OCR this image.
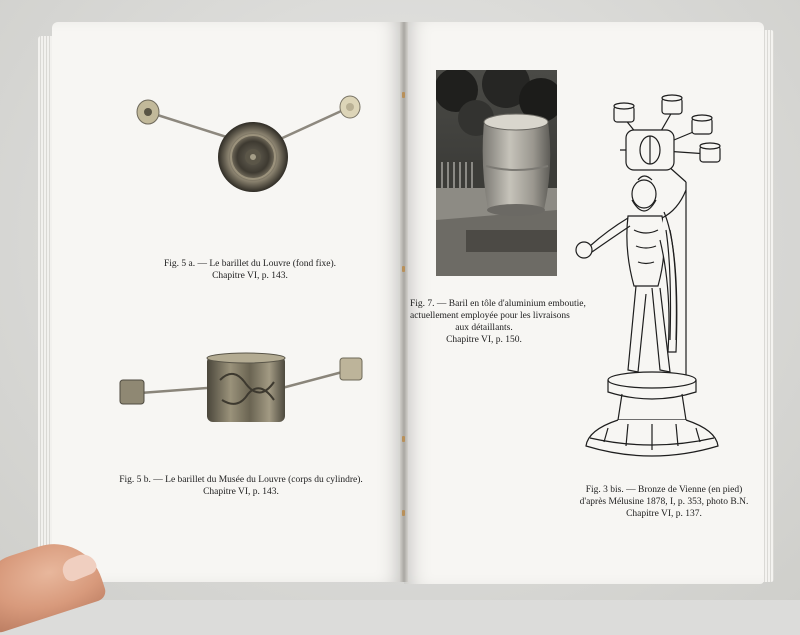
Fig. 5 a. — Le barillet du Louvre (fond fixe).
Chapitre VI, p. 143.
Fig. 5 b. — Le barillet du Musée du Louvre (corps du cylindre).
Chapitre VI, p. 143.
Fig. 7. — Baril en tôle d'aluminium emboutie,
actuellement employée pour les livraisons
aux détaillants.
Chapitre VI, p. 150.
Fig. 3 bis. — Bronze de Vienne (en pied)
d'après Mélusine 1878, I, p. 353, photo B.N.
Chapitre VI, p. 137.
